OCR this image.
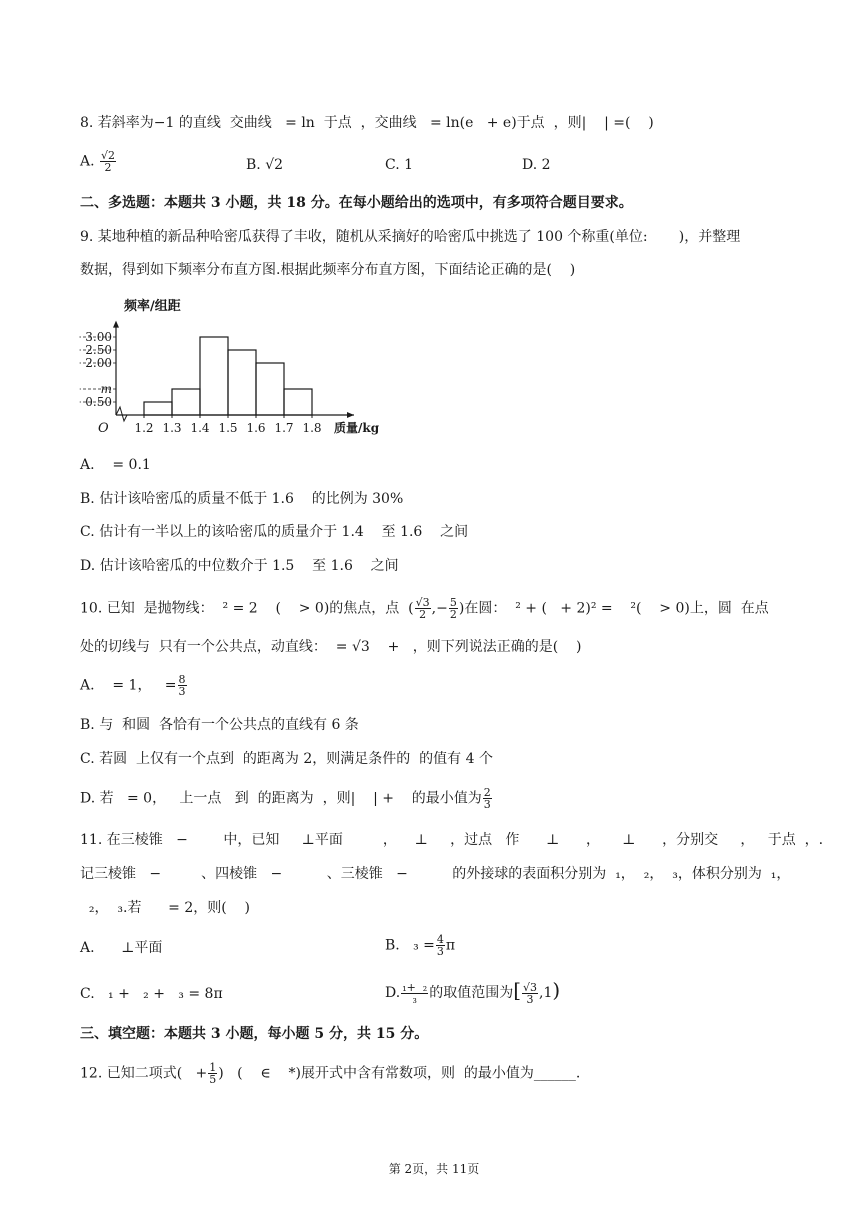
8. 若斜率为−1 的直线  交曲线   = ln  于点  ，交曲线   = ln(e   + e)于点  ，则|    | =(    )
A. $\frac{√2}{2}$	B. √2	C. 1	D. 2
二、多选题：本题共 3 小题，共 18 分。在每小题给出的选项中，有多项符合题目要求。
9. 某地种植的新品种哈密瓜获得了丰收，随机从采摘好的哈密瓜中挑选了 100 个称重(单位:       )，并整理
数据，得到如下频率分布直方图.根据此频率分布直方图，下面结论正确的是(    )
3.00
2.50
2.00
m
0.50
1.2 1.3 1.4 1.5 1.6 1.7 1.8
O
频率/组距
质量/kg
A.    = 0.1
B. 估计该哈密瓜的质量不低于 1.6    的比例为 30%
C. 估计有一半以上的该哈密瓜的质量介于 1.4    至 1.6    之间
D. 估计该哈密瓜的中位数介于 1.5    至 1.6    之间
10. 已知  是抛物线：  ² = 2    (    > 0)的焦点，点  ( $\frac{√3}{2}$ ,− $\frac{5}{2}$ )在圆：  ² + (   + 2)² =    ²(    > 0)上，圆  在点
处的切线与  只有一个公共点，动直线：  = √3    +   ，则下列说法正确的是(    )
A.    = 1，   = $\frac{8}{3}$
B. 与  和圆  各恰有一个公共点的直线有 6 条
C. 若圆  上仅有一个点到  的距离为 2，则满足条件的  的值有 4 个
D. 若   = 0，   上一点   到  的距离为  ，则|    | +    的最小值为 $\frac{2}{3}$
11. 在三棱锥   −        中，已知     ⊥平面         ，    ⊥     ，过点   作      ⊥      ，     ⊥      ，分别交     ，   于点  ，.
记三棱锥   −         、四棱锥   −          、三棱锥   −          的外接球的表面积分别为  ₁，  ₂，  ₃，体积分别为  ₁，
₂，  ₃.若      = 2，则(    )
A.      ⊥平面	B.   $_3 = \frac{4}{3}$ π
C.   ₁ +   ₂ +   ₃ = 8π	D. $\frac{\text{₁+  ₂}}{\text{₃}}$ 的取值范围为[ $\frac{√3}{3} ,1$)
三、填空题：本题共 3 小题，每小题 5 分，共 15 分。
12. 已知二项式(   + $\frac{1}{5}$ )   (    ∈    *)展开式中含有常数项，则  的最小值为______.
第 2页，共 11页
